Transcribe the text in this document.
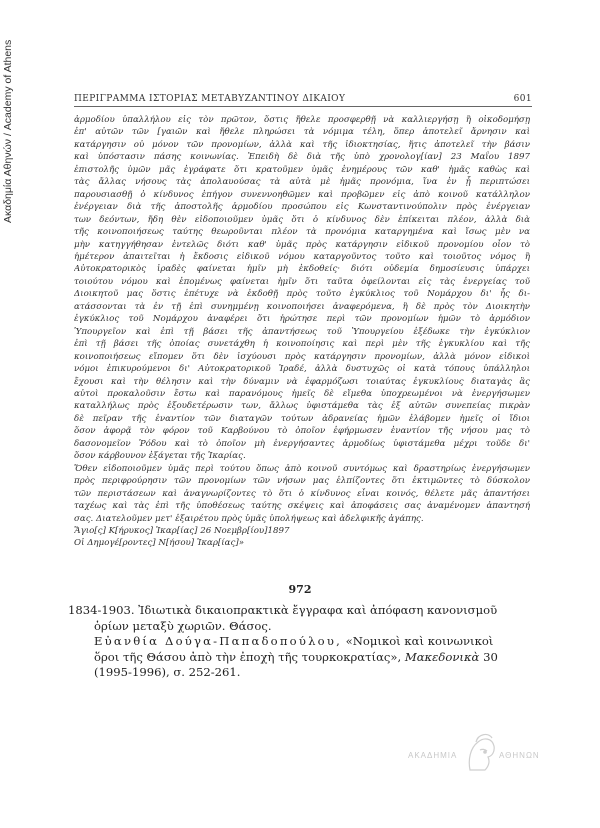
Ακαδημία Αθηνών / Academy of Athens	ΠΕΡΙΓΡΑΜΜΑ ΙΣΤΟΡΙΑΣ ΜΕΤΑΒΥΖΑΝΤΙΝΟΥ ΔΙΚΑΙΟΥ	601
ἁρμοδίου ὑπαλλήλου εἰς τὸν πρῶτον, ὅστις ἤθελε προσφερθῇ νὰ καλλιεργήσῃ ἢ οἰκοδομήσῃ
ἐπ' αὐτῶν τῶν [γαιῶν καὶ ἤθελε πληρώσει τὰ νόμιμα τέλη, ὅπερ ἀποτελεῖ ἄρνησιν καὶ
κατάργησιν οὐ μόνον τῶν προνομίων, ἀλλὰ καὶ τῆς ἰδιοκτησίας, ἥτις ἀποτελεῖ τὴν βάσιν
καὶ ὑπόστασιν πάσης κοινωνίας. Ἐπειδὴ δὲ διὰ τῆς ὑπὸ χρονολογ[ίαν] 23 Μαΐου 1897
ἐπιστολῆς ὑμῶν μᾶς ἐγράφατε ὅτι κρατοῦμεν ὑμᾶς ἐνημέρους τῶν καθ' ἡμᾶς καθὼς καὶ
τὰς ἄλλας νήσους τὰς ἀπολαυούσας τὰ αὐτὰ μὲ ἡμᾶς προνόμια, ἵνα ἐν ᾗ περιπτώσει
παρουσιασθῇ ὁ κίνδυνος ἐπήγον συνεννοηθῶμεν καὶ προβῶμεν εἰς ἀπὸ κοινοῦ κατάλληλον
ἐνέργειαν διὰ τῆς ἀποστολῆς ἁρμοδίου προσώπου εἰς Κωνσταντινούπολιν πρὸς ἐνέργειαν
των δεόντων, ἤδη θὲν εἰδοποιοῦμεν ὑμᾶς ὅτι ὁ κίνδυνος δὲν ἐπίκειται πλέον, ἀλλὰ διὰ
τῆς κοινοποιήσεως ταύτης θεωροῦνται πλέον τὰ προνόμια καταργημένα καὶ ἴσως μὲν να
μὴν κατηγγήθησαν ἐντελῶς διότι καθ' ὑμᾶς πρὸς κατάργησιν εἰδικοῦ προνομίου οἷον τὸ
ἡμέτερον ἀπαιτεῖται ἡ ἔκδοσις εἰδικοῦ νόμου καταργοῦντος τοῦτο καὶ τοιοῦτος νόμος ἢ
Αὐτοκρατορικὸς ἰραδὲς φαίνεται ἡμῖν μὴ ἐκδοθείς· διότι οὐδεμία δημοσίευσις ὑπάρχει
τοιούτου νόμου καὶ ἑπομένως φαίνεται ἡμῖν ὅτι ταῦτα ὀφείλονται εἰς τὰς ἐνεργείας τοῦ
Διοικητοῦ μας ὅστις ἐπέτυχε νὰ ἐκδοθῇ πρὸς τοῦτο ἐγκύκλιος τοῦ Νομάρχου δι' ἧς δι-
ατάσσονται τὰ ἐν τῇ ἐπὶ συνημμένῃ κοινοποιήσει ἀναφερόμενα, ἢ δὲ πρὸς τὸν Διοικητὴν
ἐγκύκλιος τοῦ Νομάρχου ἀναφέρει ὅτι ἠρώτησε περὶ τῶν προνομίων ἡμῶν τὸ ἁρμόδιον
Ὑπουργεῖον καὶ ἐπὶ τῇ βάσει τῆς ἀπαντήσεως τοῦ Ὑπουργείου ἐξέδωκε τὴν ἐγκύκλιον
ἐπὶ τῇ βάσει τῆς ὁποίας συνετάχθη ἡ κοινοποίησις καὶ περὶ μὲν τῆς ἐγκυκλίου καὶ τῆς
κοινοποιήσεως εἴπομεν ὅτι δὲν ἰσχύουσι πρὸς κατάργησιν προνομίων, ἀλλὰ μόνον εἰδικοὶ
νόμοι ἐπικυρούμενοι δι' Αὐτοκρατορικοῦ Ἰραδέ, ἀλλὰ δυστυχῶς οἱ κατὰ τόπους ὑπάλληλοι
ἔχουσι καὶ τὴν θέλησιν καὶ τὴν δύναμιν νὰ ἐφαρμόζωσι τοιαύτας ἐγκυκλίους διαταγὰς ἃς
αὐτοὶ προκαλοῦσιν ἔστω καὶ παρανόμους ἡμεῖς δὲ εἴμεθα ὑποχρεωμένοι νὰ ἐνεργήσωμεν
καταλλήλως πρὸς ἐξουδετέρωσιν των, ἄλλως ὑφιστάμεθα τὰς ἐξ αὐτῶν συνεπείας πικρὰν
δὲ πεῖραν τῆς ἐναντίον τῶν διαταγῶν τούτων ἀδρανείας ἡμῶν ἐλάβομεν ἡμεῖς οἱ ἴδιοι
ὅσον ἀφορᾷ τὸν φόρον τοῦ Καρβούνου τὸ ὁποῖον ἐφήρμωσεν ἐναντίον τῆς νήσου μας τὸ
δασονομεῖον Ῥόδου καὶ τὸ ὁποῖον μὴ ἐνεργήσαντες ἁρμοδίως ὑφιστάμεθα μέχρι τοῦδε δι'
ὅσον κάρβουνον ἐξάγεται τῆς Ἰκαρίας.
Ὅθεν εἰδοποιοῦμεν ὑμᾶς περὶ τούτου ὅπως ἀπὸ κοινοῦ συντόμως καὶ δραστηρίως ἐνεργήσωμεν
πρὸς περιφρούρησιν τῶν προνομίων τῶν νήσων μας ἐλπίζοντες ὅτι ἐκτιμῶντες τὸ δύσκολον
τῶν περιστάσεων καὶ ἀναγνωρίζοντες τὸ ὅτι ὁ κίνδυνος εἶναι κοινός, θέλετε μᾶς ἀπαντήσει
ταχέως καὶ τὰς ἐπὶ τῆς ὑποθέσεως ταύτης σκέψεις καὶ ἀποφάσεις σας ἀναμένομεν ἀπαντησή
σας. Διατελοῦμεν μετ' ἐξαιρέτου πρὸς ὑμᾶς ὑπολήψεως καὶ ἀδελφικῆς ἀγάπης.
Ἅγιο[ς] Κ[ήρυκος] Ἰκαρ[ίας] 26 Νοεμβρ[ίου]1897
Οἱ Δημογέ[ροντες] Ν[ήσου] Ἰκαρ[ίας]»
972
1834-1903. Ἰδιωτικὰ δικαιοπρακτικὰ ἔγγραφα καὶ ἀπόφαση κανονισμοῦ
ὁρίων μεταξὺ χωριῶν. Θάσος.
Εὐανθία Δούγα-Παπαδοπούλου, «Νομικοὶ καὶ κοινωνικοὶ
ὅροι τῆς Θάσου ἀπὸ τὴν ἐποχὴ τῆς τουρκοκρατίας», Μακεδονικὰ 30
(1995-1996), σ. 252-261.
ΑΚΑΔΗΜΙΑ	ΑΘΗΝΩΝ
